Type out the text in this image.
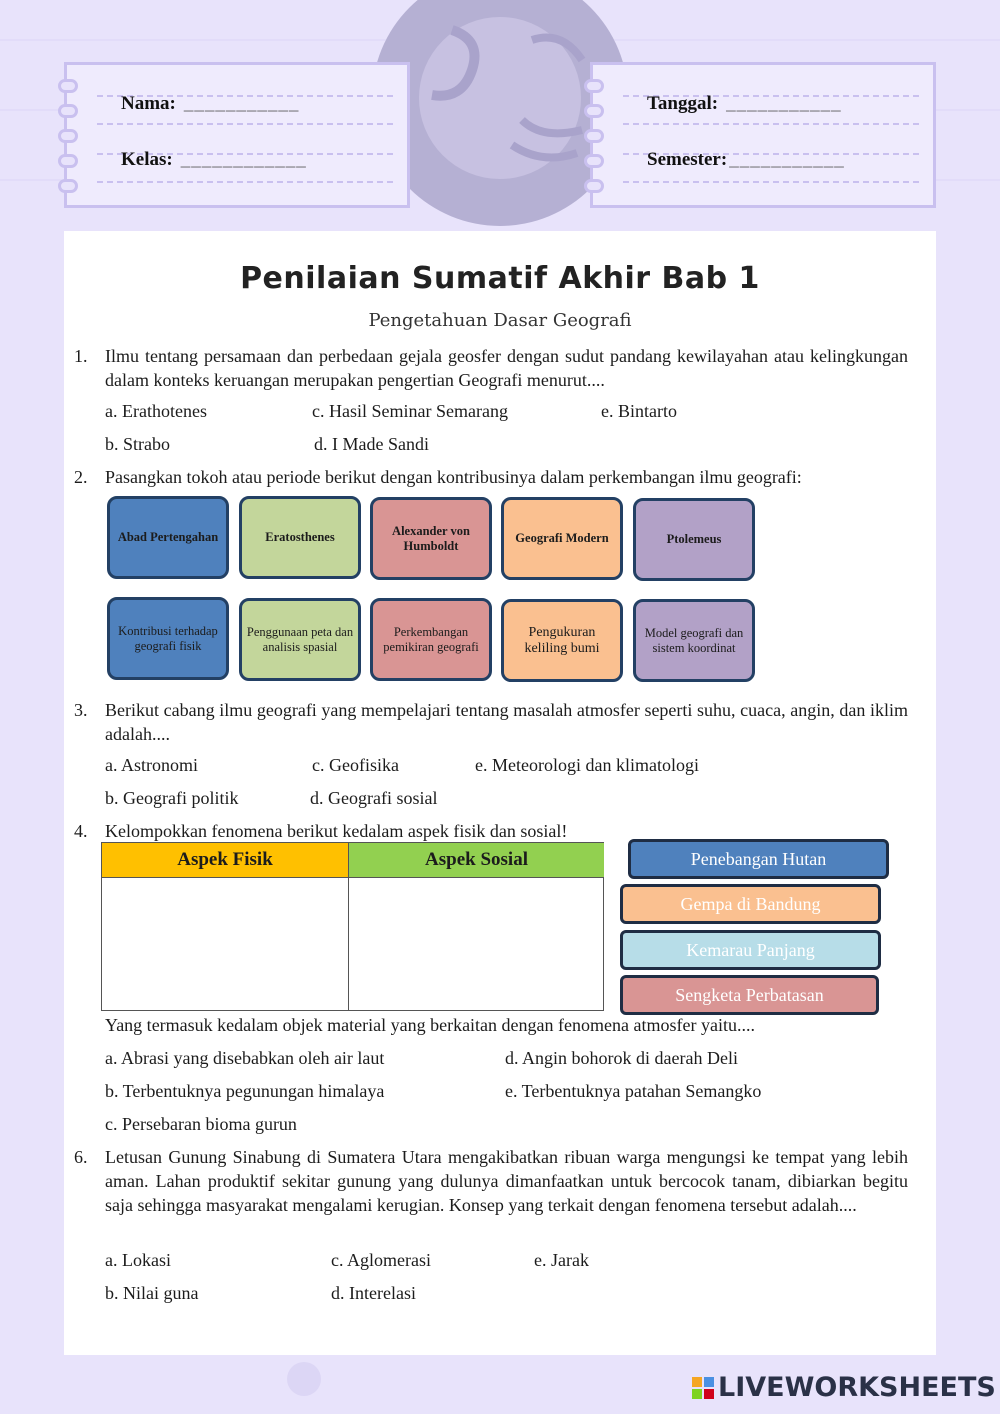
Nama: ___________
Kelas: ____________
Tanggal: ___________
Semester: ___________
Penilaian Sumatif Akhir Bab 1
Pengetahuan Dasar Geografi
1. Ilmu tentang persamaan dan perbedaan gejala geosfer dengan sudut pandang kewilayahan atau kelingkungan dalam konteks keruangan merupakan pengertian Geografi menurut....
a. Erathotenes	c. Hasil Seminar Semarang	e. Bintarto
b. Strabo	d. I Made Sandi
2. Pasangkan tokoh atau periode berikut dengan kontribusinya dalam perkembangan ilmu geografi:
Abad Pertengahan	Eratosthenes	Alexander von Humboldt
Geografi Modern	Ptolemeus
Kontribusi terhadap geografi fisik
Penggunaan peta dan analisis spasial
Perkembangan pemikiran geografi
Pengukuran keliling bumi
Model geografi dan sistem koordinat
3. Berikut cabang ilmu geografi yang mempelajari tentang masalah atmosfer seperti suhu, cuaca, angin, dan iklim adalah....
a. Astronomi	c. Geofisika	e. Meteorologi dan klimatologi
b. Geografi politik	d. Geografi sosial
4. Kelompokkan fenomena berikut kedalam aspek fisik dan sosial!
Aspek Fisik	Aspek Sosial	Penebangan Hutan
Gempa di Bandung
Kemarau Panjang
Sengketa Perbatasan
Yang termasuk kedalam objek material yang berkaitan dengan fenomena atmosfer yaitu....
a. Abrasi yang disebabkan oleh air laut	d. Angin bohorok di daerah Deli
b. Terbentuknya pegunungan himalaya	e. Terbentuknya patahan Semangko
c. Persebaran bioma gurun
6. Letusan Gunung Sinabung di Sumatera Utara mengakibatkan ribuan warga mengungsi ke tempat yang lebih aman. Lahan produktif sekitar gunung yang dulunya dimanfaatkan untuk bercocok tanam, dibiarkan begitu saja sehingga masyarakat mengalami kerugian. Konsep yang terkait dengan fenomena tersebut adalah....
a. Lokasi	c. Aglomerasi	e. Jarak
b. Nilai guna	d. Interelasi
LIVEWORKSHEETS
